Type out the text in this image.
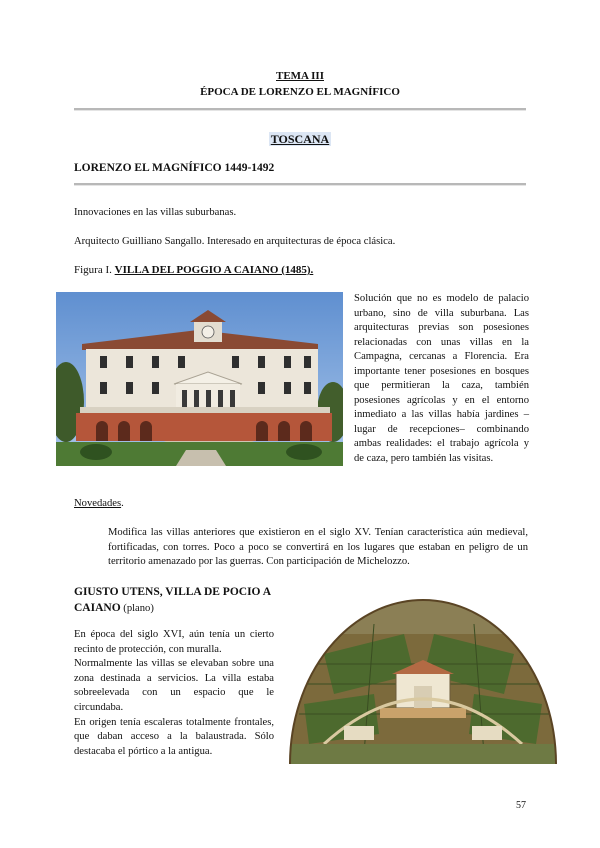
TEMA III
ÉPOCA DE LORENZO EL MAGNÍFICO
TOSCANA
LORENZO EL MAGNÍFICO 1449-1492
Innovaciones en las villas suburbanas.
Arquitecto Guilliano Sangallo. Interesado en arquitecturas de época clásica.
Figura I. VILLA DEL POGGIO A CAIANO (1485).
Solución que no es modelo de palacio urbano, sino de villa suburbana. Las arquitecturas previas son posesiones relacionadas con unas villas en la Campagna, cercanas a Florencia. Era importante tener posesiones en bosques que permitieran la caza, también posesiones agrícolas y en el entorno inmediato a las villas había jardines –lugar de recepciones– combinando ambas realidades: el trabajo agrícola y de caza, pero también las visitas.
Novedades.
Modifica las villas anteriores que existieron en el siglo XV. Tenían característica aún medieval, fortificadas, con torres. Poco a poco se convertirá en los lugares que estaban en peligro de un territorio amenazado por las guerras. Con participación de Michelozzo.
GIUSTO UTENS, VILLA DE POCIO A CAIANO (plano)
En época del siglo XVI, aún tenía un cierto recinto de protección, con muralla.
Normalmente las villas se elevaban sobre una zona destinada a servicios. La villa estaba sobreelevada con un espacio que le circundaba.
En origen tenía escaleras totalmente frontales, que daban acceso a la balaustrada. Sólo destacaba el pórtico a la antigua.
57
